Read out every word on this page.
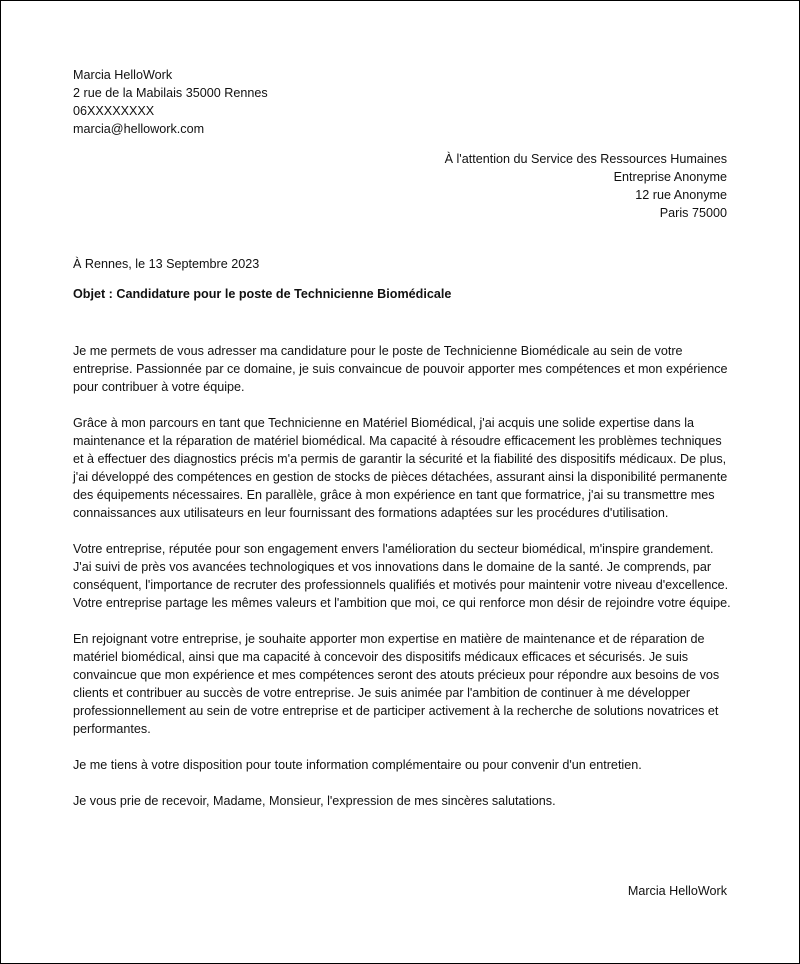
Marcia HelloWork
2 rue de la Mabilais 35000 Rennes
06XXXXXXXX
marcia@hellowork.com
À l'attention du Service des Ressources Humaines
Entreprise Anonyme
12 rue Anonyme
Paris 75000
À Rennes, le 13 Septembre 2023
Objet : Candidature pour le poste de Technicienne Biomédicale

Je me permets de vous adresser ma candidature pour le poste de Technicienne Biomédicale au sein de votre entreprise. Passionnée par ce domaine, je suis convaincue de pouvoir apporter mes compétences et mon expérience pour contribuer à votre équipe.

Grâce à mon parcours en tant que Technicienne en Matériel Biomédical, j'ai acquis une solide expertise dans la maintenance et la réparation de matériel biomédical. Ma capacité à résoudre efficacement les problèmes techniques et à effectuer des diagnostics précis m'a permis de garantir la sécurité et la fiabilité des dispositifs médicaux. De plus, j'ai développé des compétences en gestion de stocks de pièces détachées, assurant ainsi la disponibilité permanente des équipements nécessaires. En parallèle, grâce à mon expérience en tant que formatrice, j'ai su transmettre mes connaissances aux utilisateurs en leur fournissant des formations adaptées sur les procédures d'utilisation.

Votre entreprise, réputée pour son engagement envers l'amélioration du secteur biomédical, m'inspire grandement. J'ai suivi de près vos avancées technologiques et vos innovations dans le domaine de la santé. Je comprends, par conséquent, l'importance de recruter des professionnels qualifiés et motivés pour maintenir votre niveau d'excellence. Votre entreprise partage les mêmes valeurs et l'ambition que moi, ce qui renforce mon désir de rejoindre votre équipe.

En rejoignant votre entreprise, je souhaite apporter mon expertise en matière de maintenance et de réparation de matériel biomédical, ainsi que ma capacité à concevoir des dispositifs médicaux efficaces et sécurisés. Je suis convaincue que mon expérience et mes compétences seront des atouts précieux pour répondre aux besoins de vos clients et contribuer au succès de votre entreprise. Je suis animée par l'ambition de continuer à me développer professionnellement au sein de votre entreprise et de participer activement à la recherche de solutions novatrices et performantes.

Je me tiens à votre disposition pour toute information complémentaire ou pour convenir d'un entretien.

Je vous prie de recevoir, Madame, Monsieur, l'expression de mes sincères salutations.

Marcia HelloWork
